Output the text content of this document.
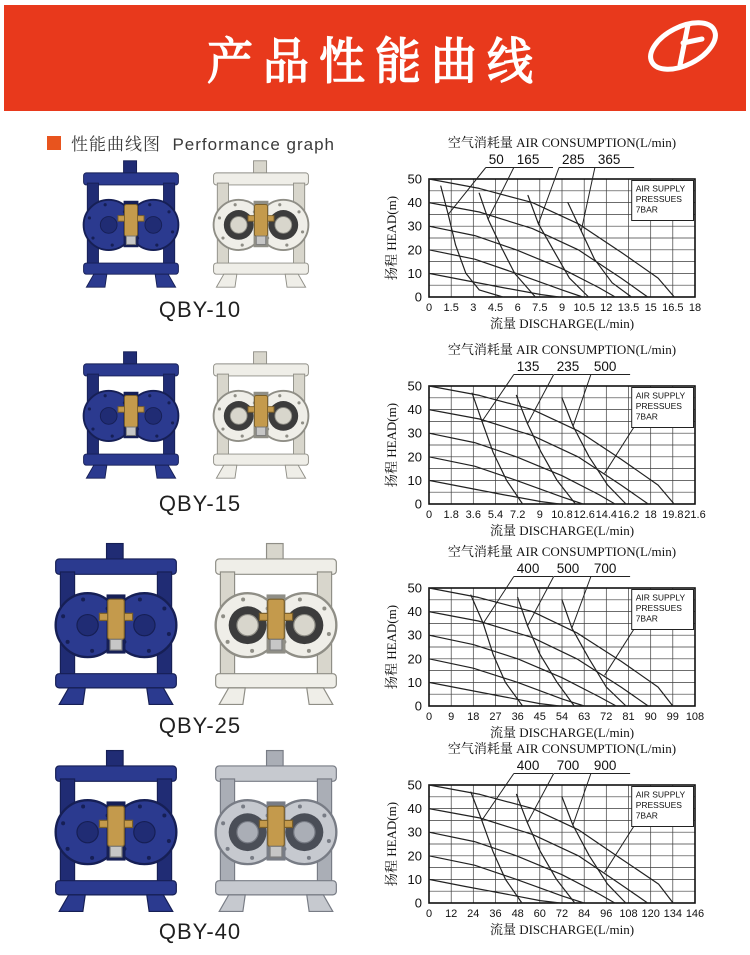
产品性能曲线
性能曲线图 Performance graph
QBY-10
QBY-15
QBY-25
QBY-40
50 165 285 365
AIR SUPPLY
PRESSUES
7BAR
0
10
20
30
40
50
0 1.5 3 4.5 6 7.5 9 10.5 12 13.5 15 16.5 18
空气消耗量 AIR CONSUMPTION(L/min)
流量 DISCHARGE(L/min)
扬程 HEAD(m)
135 235 500
AIR SUPPLY
PRESSUES
7BAR
0
10
20
30
40
50
0 1.8 3.6 5.4 7.2 9 10.8 12.6 14.4 16.2 18 19.8 21.6
空气消耗量 AIR CONSUMPTION(L/min)
流量 DISCHARGE(L/min)
扬程 HEAD(m)
400 500 700
AIR SUPPLY
PRESSUES
7BAR
0
10
20
30
40
50
0 9 18 27 36 45 54 63 72 81 90 99 108
空气消耗量 AIR CONSUMPTION(L/min)
流量 DISCHARGE(L/min)
扬程 HEAD(m)
400 700 900
AIR SUPPLY
PRESSUES
7BAR
0
10
20
30
40
50
0 12 24 36 48 60 72 84 96 108 120 134 146
空气消耗量 AIR CONSUMPTION(L/min)
流量 DISCHARGE(L/min)
扬程 HEAD(m)
